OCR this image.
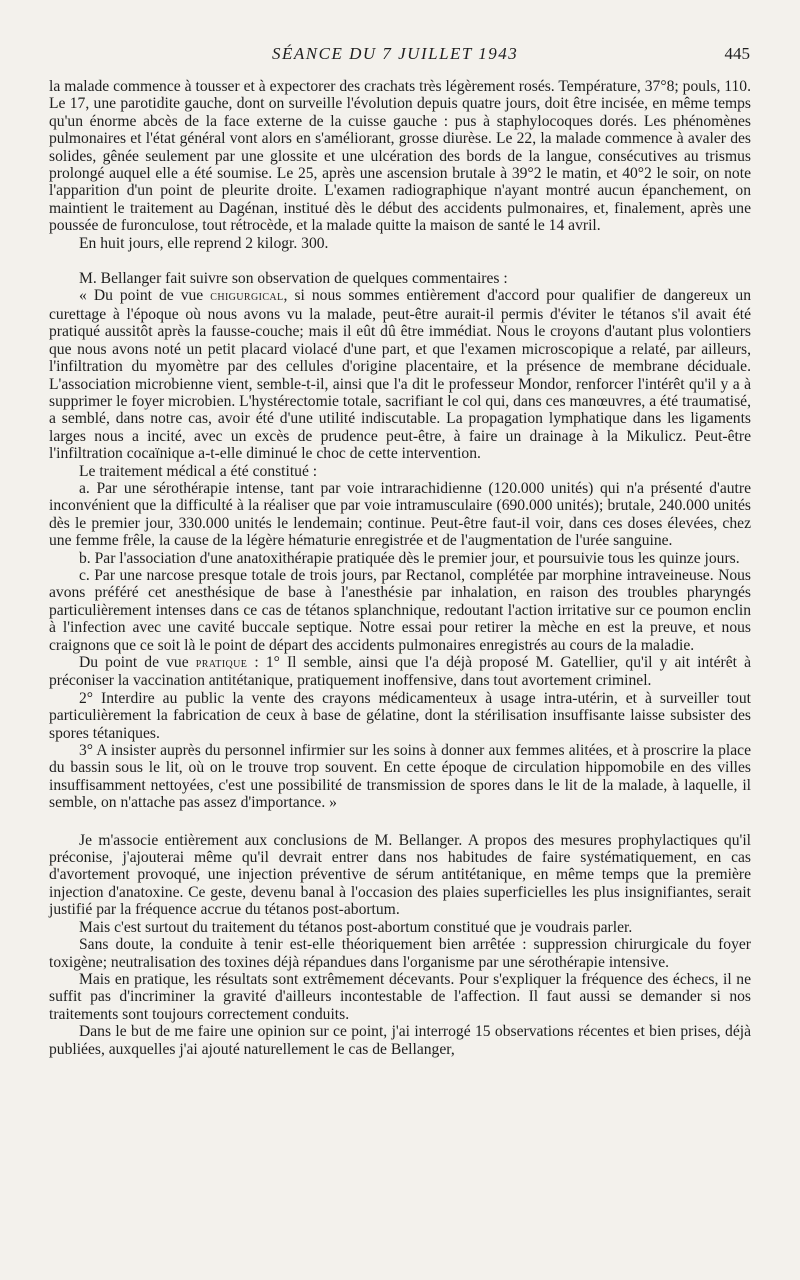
SÉANCE DU 7 JUILLET 1943	445

la malade commence à tousser et à expectorer des crachats très légèrement rosés. Température, 37°8; pouls, 110. Le 17, une parotidite gauche, dont on surveille l'évolution depuis quatre jours, doit être incisée, en même temps qu'un énorme abcès de la face externe de la cuisse gauche : pus à staphylocoques dorés. Les phénomènes pulmonaires et l'état général vont alors en s'améliorant, grosse diurèse. Le 22, la malade commence à avaler des solides, gênée seulement par une glossite et une ulcération des bords de la langue, consécutives au trismus prolongé auquel elle a été soumise. Le 25, après une ascension brutale à 39°2 le matin, et 40°2 le soir, on note l'apparition d'un point de pleurite droite. L'examen radiographique n'ayant montré aucun épanchement, on maintient le traitement au Dagénan, institué dès le début des accidents pulmonaires, et, finalement, après une poussée de furonculose, tout rétrocède, et la malade quitte la maison de santé le 14 avril.

En huit jours, elle reprend 2 kilogr. 300.

M. Bellanger fait suivre son observation de quelques commentaires :

« Du point de vue chigurgical, si nous sommes entièrement d'accord pour qualifier de dangereux un curettage à l'époque où nous avons vu la malade, peut-être aurait-il permis d'éviter le tétanos s'il avait été pratiqué aussitôt après la fausse-couche; mais il eût dû être immédiat. Nous le croyons d'autant plus volontiers que nous avons noté un petit placard violacé d'une part, et que l'examen microscopique a relaté, par ailleurs, l'infiltration du myomètre par des cellules d'origine placentaire, et la présence de membrane déciduale. L'association microbienne vient, semble-t-il, ainsi que l'a dit le professeur Mondor, renforcer l'intérêt qu'il y a à supprimer le foyer microbien. L'hystérectomie totale, sacrifiant le col qui, dans ces manœuvres, a été traumatisé, a semblé, dans notre cas, avoir été d'une utilité indiscutable. La propagation lymphatique dans les ligaments larges nous a incité, avec un excès de prudence peut-être, à faire un drainage à la Mikulicz. Peut-être l'infiltration cocaïnique a-t-elle diminué le choc de cette intervention.

Le traitement médical a été constitué :

a. Par une sérothérapie intense, tant par voie intrarachidienne (120.000 unités) qui n'a présenté d'autre inconvénient que la difficulté à la réaliser que par voie intramusculaire (690.000 unités); brutale, 240.000 unités dès le premier jour, 330.000 unités le lendemain; continue. Peut-être faut-il voir, dans ces doses élevées, chez une femme frêle, la cause de la légère hématurie enregistrée et de l'augmentation de l'urée sanguine.

b. Par l'association d'une anatoxithérapie pratiquée dès le premier jour, et poursuivie tous les quinze jours.

c. Par une narcose presque totale de trois jours, par Rectanol, complétée par morphine intraveineuse. Nous avons préféré cet anesthésique de base à l'anesthésie par inhalation, en raison des troubles pharyngés particulièrement intenses dans ce cas de tétanos splanchnique, redoutant l'action irritative sur ce poumon enclin à l'infection avec une cavité buccale septique. Notre essai pour retirer la mèche en est la preuve, et nous craignons que ce soit là le point de départ des accidents pulmonaires enregistrés au cours de la maladie.

Du point de vue pratique : 1° Il semble, ainsi que l'a déjà proposé M. Gatellier, qu'il y ait intérêt à préconiser la vaccination antitétanique, pratiquement inoffensive, dans tout avortement criminel.

2° Interdire au public la vente des crayons médicamenteux à usage intra-utérin, et à surveiller tout particulièrement la fabrication de ceux à base de gélatine, dont la stérilisation insuffisante laisse subsister des spores tétaniques.

3° A insister auprès du personnel infirmier sur les soins à donner aux femmes alitées, et à proscrire la place du bassin sous le lit, où on le trouve trop souvent. En cette époque de circulation hippomobile en des villes insuffisamment nettoyées, c'est une possibilité de transmission de spores dans le lit de la malade, à laquelle, il semble, on n'attache pas assez d'importance. »

Je m'associe entièrement aux conclusions de M. Bellanger. A propos des mesures prophylactiques qu'il préconise, j'ajouterai même qu'il devrait entrer dans nos habitudes de faire systématiquement, en cas d'avortement provoqué, une injection préventive de sérum antitétanique, en même temps que la première injection d'anatoxine. Ce geste, devenu banal à l'occasion des plaies superficielles les plus insignifiantes, serait justifié par la fréquence accrue du tétanos post-abortum.

Mais c'est surtout du traitement du tétanos post-abortum constitué que je voudrais parler.

Sans doute, la conduite à tenir est-elle théoriquement bien arrêtée : suppression chirurgicale du foyer toxigène; neutralisation des toxines déjà répandues dans l'organisme par une sérothérapie intensive.

Mais en pratique, les résultats sont extrêmement décevants. Pour s'expliquer la fréquence des échecs, il ne suffit pas d'incriminer la gravité d'ailleurs incontestable de l'affection. Il faut aussi se demander si nos traitements sont toujours correctement conduits.

Dans le but de me faire une opinion sur ce point, j'ai interrogé 15 observations récentes et bien prises, déjà publiées, auxquelles j'ai ajouté naturellement le cas de Bellanger,
